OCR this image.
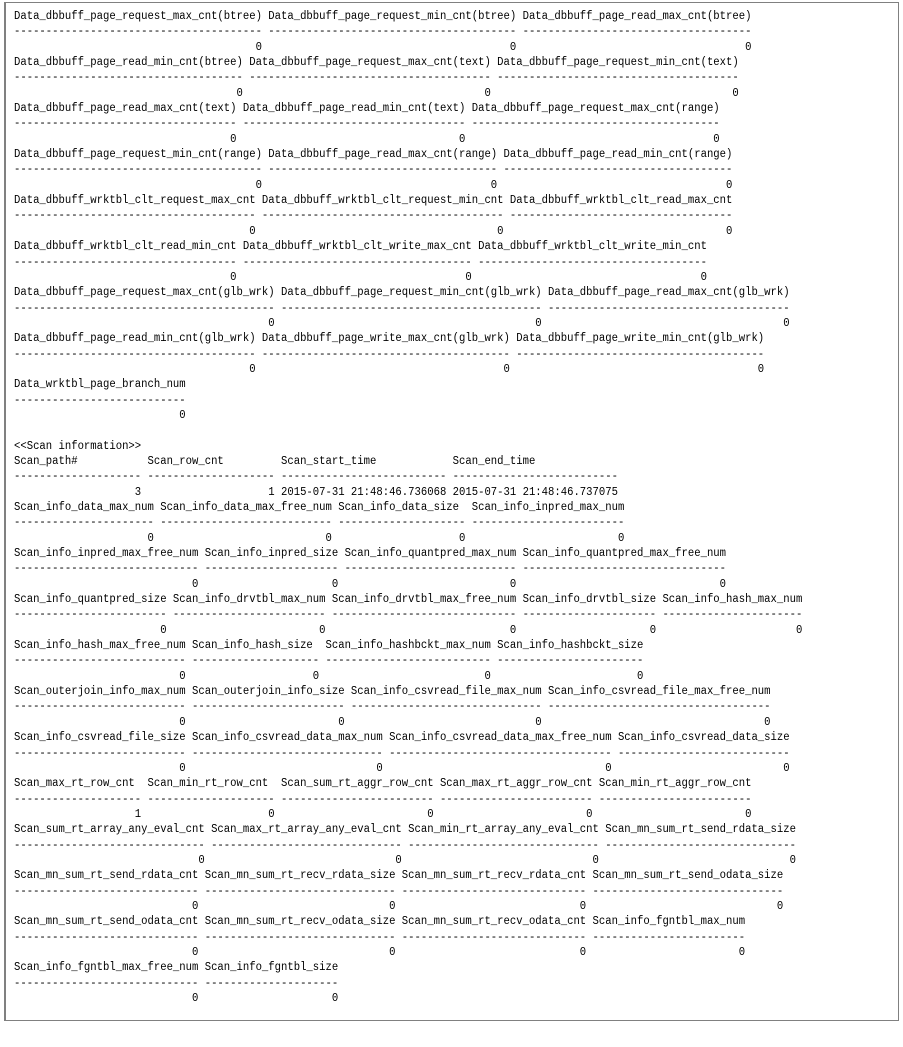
Data_dbbuff_page_request_max_cnt(btree) Data_dbbuff_page_request_min_cnt(btree) Data_dbbuff_page_read_max_cnt(btree)
--------------------------------------- --------------------------------------- ------------------------------------
0                                       0                                    0
Data_dbbuff_page_read_min_cnt(btree) Data_dbbuff_page_request_max_cnt(text) Data_dbbuff_page_request_min_cnt(text)
------------------------------------ -------------------------------------- --------------------------------------
0                                      0                                      0
Data_dbbuff_page_read_max_cnt(text) Data_dbbuff_page_read_min_cnt(text) Data_dbbuff_page_request_max_cnt(range)
----------------------------------- ----------------------------------- ---------------------------------------
0                                   0                                       0
Data_dbbuff_page_request_min_cnt(range) Data_dbbuff_page_read_max_cnt(range) Data_dbbuff_page_read_min_cnt(range)
--------------------------------------- ------------------------------------ ------------------------------------
0                                    0                                    0
Data_dbbuff_wrktbl_clt_request_max_cnt Data_dbbuff_wrktbl_clt_request_min_cnt Data_dbbuff_wrktbl_clt_read_max_cnt
-------------------------------------- -------------------------------------- -----------------------------------
0                                      0                                   0
Data_dbbuff_wrktbl_clt_read_min_cnt Data_dbbuff_wrktbl_clt_write_max_cnt Data_dbbuff_wrktbl_clt_write_min_cnt
----------------------------------- ------------------------------------ ------------------------------------
0                                    0                                    0
Data_dbbuff_page_request_max_cnt(glb_wrk) Data_dbbuff_page_request_min_cnt(glb_wrk) Data_dbbuff_page_read_max_cnt(glb_wrk)
----------------------------------------- ----------------------------------------- --------------------------------------
0                                         0                                      0
Data_dbbuff_page_read_min_cnt(glb_wrk) Data_dbbuff_page_write_max_cnt(glb_wrk) Data_dbbuff_page_write_min_cnt(glb_wrk)
-------------------------------------- --------------------------------------- ---------------------------------------
0                                       0                                       0
Data_wrktbl_page_branch_num
---------------------------
0

<<Scan information>>
Scan_path#           Scan_row_cnt         Scan_start_time            Scan_end_time
-------------------- -------------------- -------------------------- --------------------------
3                    1 2015-07-31 21:48:46.736068 2015-07-31 21:48:46.737075
Scan_info_data_max_num Scan_info_data_max_free_num Scan_info_data_size  Scan_info_inpred_max_num
---------------------- --------------------------- -------------------- ------------------------
0                           0                    0                        0
Scan_info_inpred_max_free_num Scan_info_inpred_size Scan_info_quantpred_max_num Scan_info_quantpred_max_free_num
----------------------------- --------------------- --------------------------- --------------------------------
0                     0                           0                                0
Scan_info_quantpred_size Scan_info_drvtbl_max_num Scan_info_drvtbl_max_free_num Scan_info_drvtbl_size Scan_info_hash_max_num
------------------------ ------------------------ ----------------------------- --------------------- ----------------------
0                        0                             0                     0                      0
Scan_info_hash_max_free_num Scan_info_hash_size  Scan_info_hashbckt_max_num Scan_info_hashbckt_size
--------------------------- -------------------- -------------------------- -----------------------
0                    0                          0                       0
Scan_outerjoin_info_max_num Scan_outerjoin_info_size Scan_info_csvread_file_max_num Scan_info_csvread_file_max_free_num
--------------------------- ------------------------ ------------------------------ -----------------------------------
0                        0                              0                                   0
Scan_info_csvread_file_size Scan_info_csvread_data_max_num Scan_info_csvread_data_max_free_num Scan_info_csvread_data_size
--------------------------- ------------------------------ ----------------------------------- ---------------------------
0                              0                                   0                           0
Scan_max_rt_row_cnt  Scan_min_rt_row_cnt  Scan_sum_rt_aggr_row_cnt Scan_max_rt_aggr_row_cnt Scan_min_rt_aggr_row_cnt
-------------------- -------------------- ------------------------ ------------------------ ------------------------
1                    0                        0                        0                        0
Scan_sum_rt_array_any_eval_cnt Scan_max_rt_array_any_eval_cnt Scan_min_rt_array_any_eval_cnt Scan_mn_sum_rt_send_rdata_size
------------------------------ ------------------------------ ------------------------------ ------------------------------
0                              0                              0                              0
Scan_mn_sum_rt_send_rdata_cnt Scan_mn_sum_rt_recv_rdata_size Scan_mn_sum_rt_recv_rdata_cnt Scan_mn_sum_rt_send_odata_size
----------------------------- ------------------------------ ----------------------------- ------------------------------
0                              0                             0                              0
Scan_mn_sum_rt_send_odata_cnt Scan_mn_sum_rt_recv_odata_size Scan_mn_sum_rt_recv_odata_cnt Scan_info_fgntbl_max_num
----------------------------- ------------------------------ ----------------------------- ------------------------
0                              0                             0                        0
Scan_info_fgntbl_max_free_num Scan_info_fgntbl_size
----------------------------- ---------------------
0                     0
